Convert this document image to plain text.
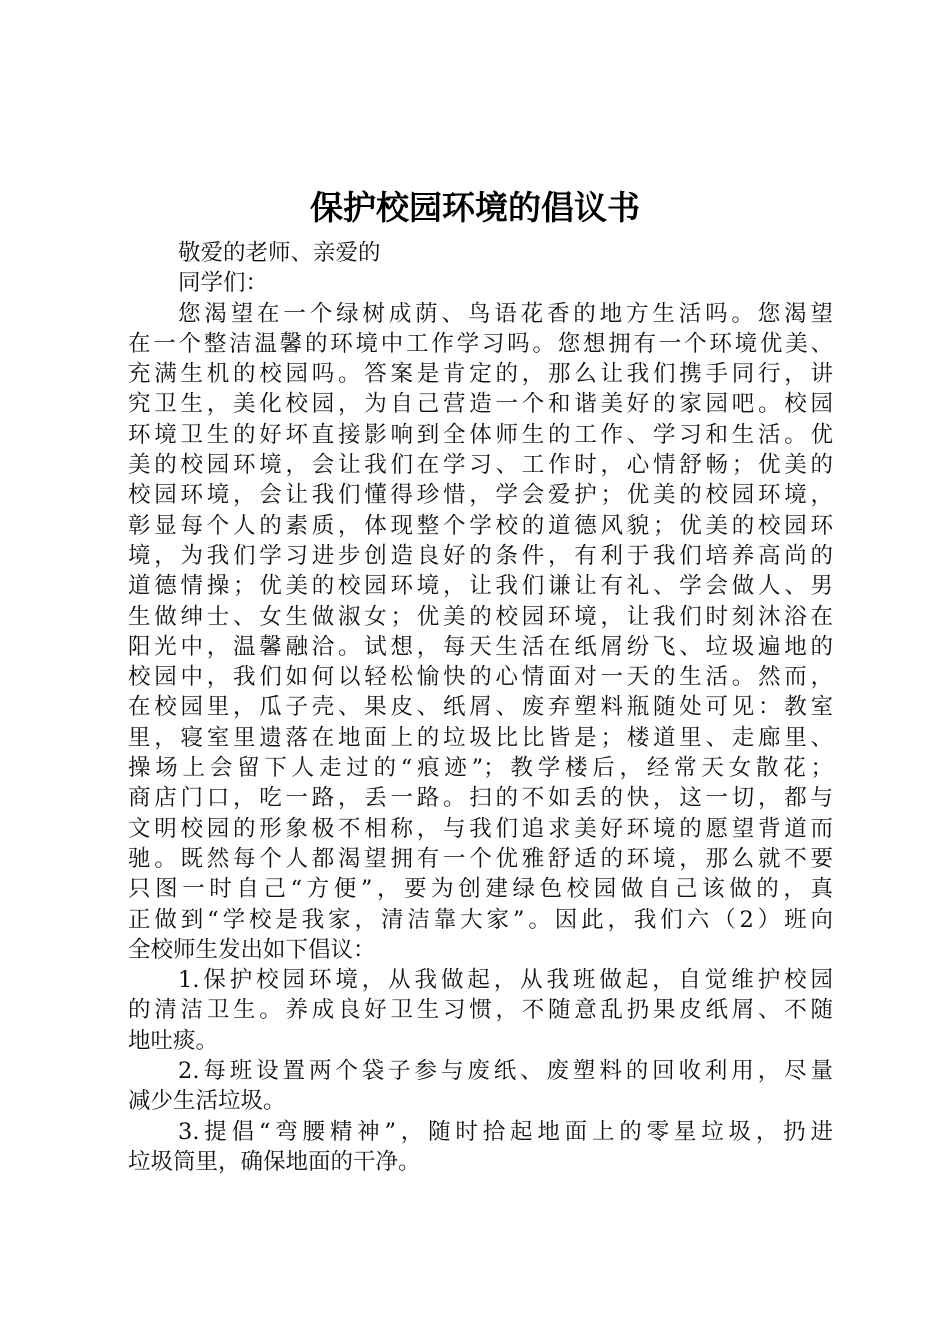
保护校园环境的倡议书
敬爱的老师、亲爱的
同学们：
您渴望在一个绿树成荫、鸟语花香的地方生活吗。您渴望
在一个整洁温馨的环境中工作学习吗。您想拥有一个环境优美、
充满生机的校园吗。答案是肯定的，那么让我们携手同行，讲
究卫生，美化校园，为自己营造一个和谐美好的家园吧。校园
环境卫生的好坏直接影响到全体师生的工作、学习和生活。优
美的校园环境，会让我们在学习、工作时，心情舒畅；优美的
校园环境，会让我们懂得珍惜，学会爱护；优美的校园环境，
彰显每个人的素质，体现整个学校的道德风貌；优美的校园环
境，为我们学习进步创造良好的条件，有利于我们培养高尚的
道德情操；优美的校园环境，让我们谦让有礼、学会做人、男
生做绅士、女生做淑女；优美的校园环境，让我们时刻沐浴在
阳光中，温馨融洽。试想，每天生活在纸屑纷飞、垃圾遍地的
校园中，我们如何以轻松愉快的心情面对一天的生活。然而，
在校园里，瓜子壳、果皮、纸屑、废弃塑料瓶随处可见：教室
里，寝室里遗落在地面上的垃圾比比皆是；楼道里、走廊里、
操场上会留下人走过的“痕迹”；教学楼后，经常天女散花；
商店门口，吃一路，丢一路。扫的不如丢的快，这一切，都与
文明校园的形象极不相称，与我们追求美好环境的愿望背道而
驰。既然每个人都渴望拥有一个优雅舒适的环境，那么就不要
只图一时自己“方便”，要为创建绿色校园做自己该做的，真
正做到“学校是我家，清洁靠大家”。因此，我们六（2）班向
全校师生发出如下倡议：
1.保护校园环境，从我做起，从我班做起，自觉维护校园
的清洁卫生。养成良好卫生习惯，不随意乱扔果皮纸屑、不随
地吐痰。
2.每班设置两个袋子参与废纸、废塑料的回收利用，尽量
减少生活垃圾。
3.提倡“弯腰精神”，随时拾起地面上的零星垃圾，扔进
垃圾筒里，确保地面的干净。
